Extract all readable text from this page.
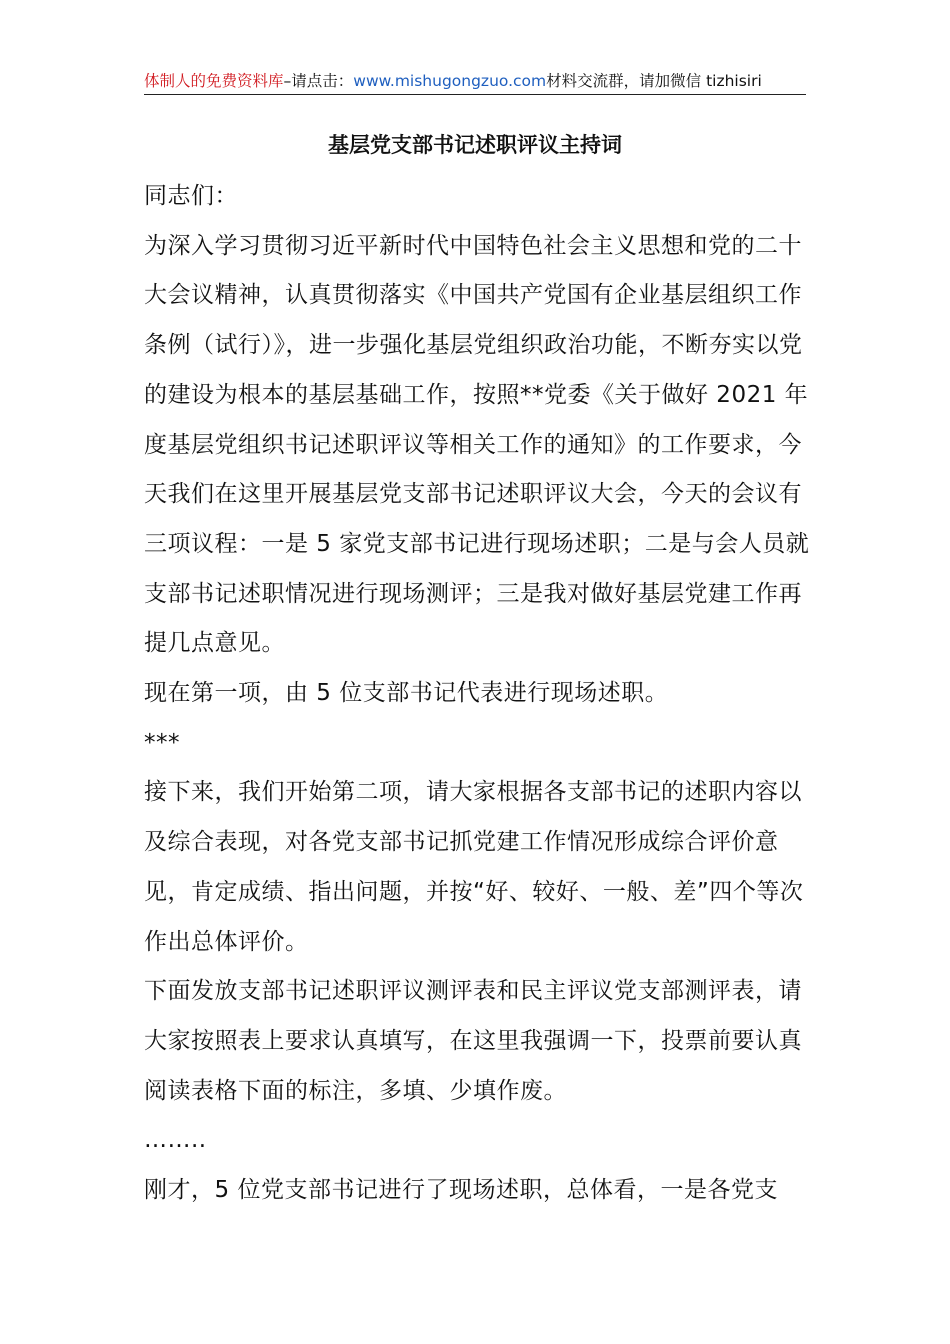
体制人的免费资料库–请点击：www.mishugongzuo.com材料交流群，请加微信 tizhisiri
基层党支部书记述职评议主持词

同志们：

为深入学习贯彻习近平新时代中国特色社会主义思想和党的二十大会议精神，认真贯彻落实《中国共产党国有企业基层组织工作条例（试行）》，进一步强化基层党组织政治功能，不断夯实以党的建设为根本的基层基础工作，按照**党委《关于做好 2021 年度基层党组织书记述职评议等相关工作的通知》的工作要求，今天我们在这里开展基层党支部书记述职评议大会，今天的会议有三项议程：一是 5 家党支部书记进行现场述职；二是与会人员就支部书记述职情况进行现场测评；三是我对做好基层党建工作再提几点意见。

现在第一项，由 5 位支部书记代表进行现场述职。

***

接下来，我们开始第二项，请大家根据各支部书记的述职内容以及综合表现，对各党支部书记抓党建工作情况形成综合评价意见，肯定成绩、指出问题，并按“好、较好、一般、差”四个等次作出总体评价。

下面发放支部书记述职评议测评表和民主评议党支部测评表，请大家按照表上要求认真填写，在这里我强调一下，投票前要认真阅读表格下面的标注，多填、少填作废。

……..

刚才，5 位党支部书记进行了现场述职，总体看，一是各党支
